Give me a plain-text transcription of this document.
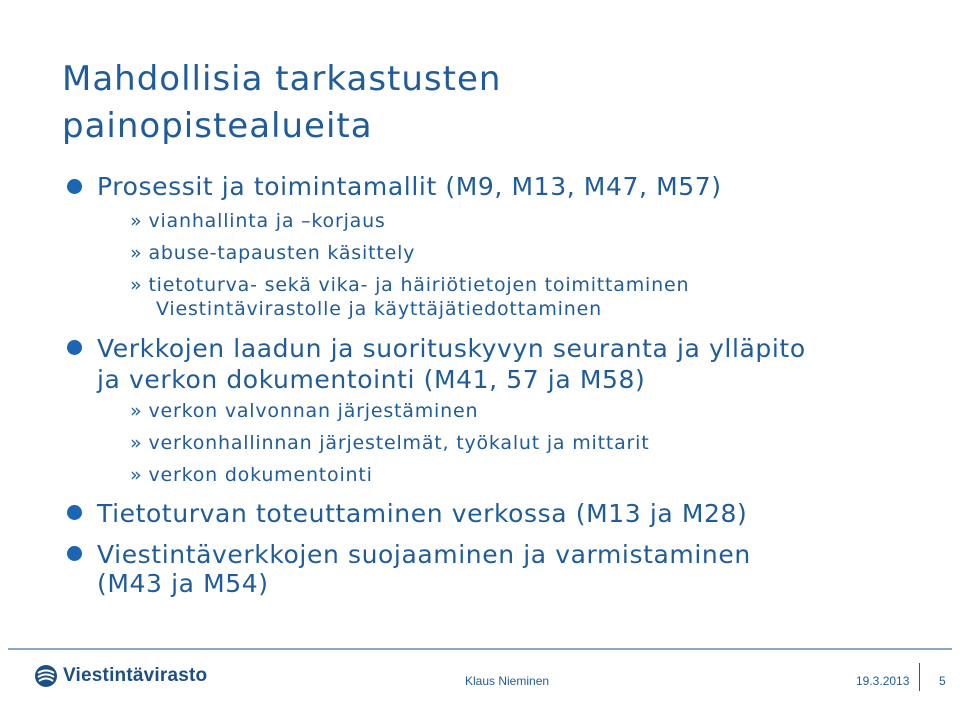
Mahdollisia tarkastusten
painopistealueita
Prosessit ja toimintamallit (M9, M13, M47, M57)
» vianhallinta ja –korjaus
» abuse-tapausten käsittely
» tietoturva- sekä vika- ja häiriötietojen toimittaminen
Viestintävirastolle ja käyttäjätiedottaminen
Verkkojen laadun ja suorituskyvyn seuranta ja ylläpito
ja verkon dokumentointi (M41, 57 ja M58)
» verkon valvonnan järjestäminen
» verkonhallinnan järjestelmät, työkalut ja mittarit
» verkon dokumentointi
Tietoturvan toteuttaminen verkossa (M13 ja M28)
Viestintäverkkojen suojaaminen ja varmistaminen
(M43 ja M54)
Viestintävirasto	Klaus Nieminen	19.3.2013 5
